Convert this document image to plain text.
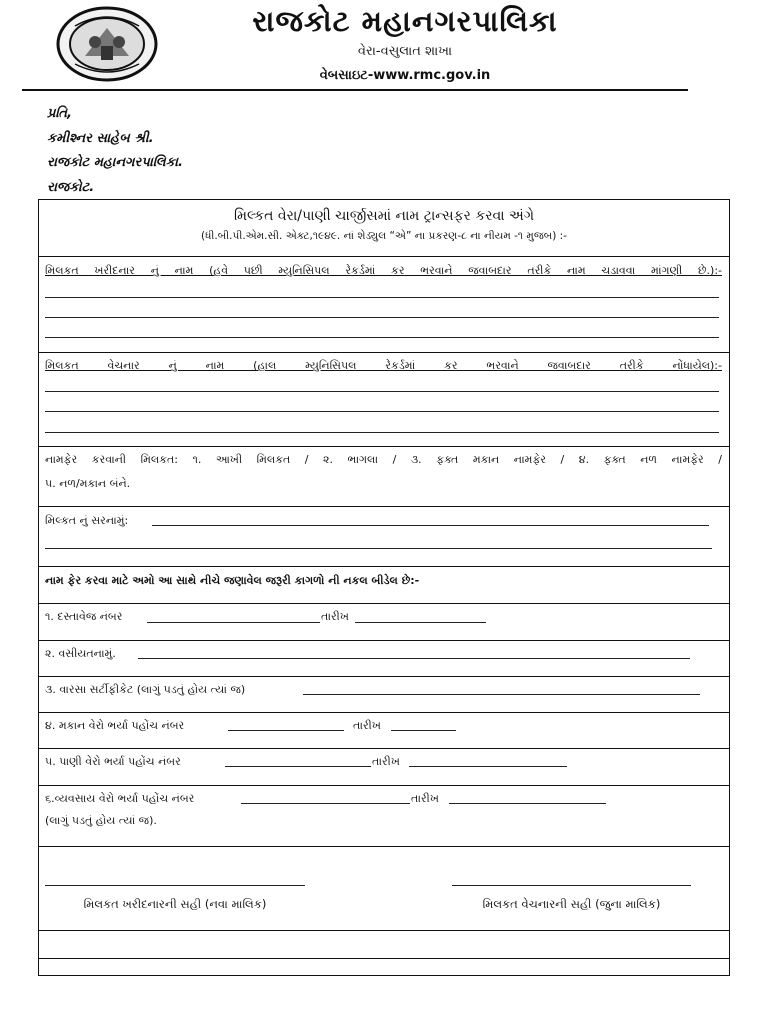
રાજકોટ મહાનગરપાલિકા
વેરા-વસુલાત શાખા
વેબસાઇટ-www.rmc.gov.in
પ્રતિ,
કમીશ્નર સાહેબ શ્રી.
રાજકોટ મહાનગરપાલિકા.
રાજકોટ.
મિલ્કત વેરા/પાણી ચાર્જીસમાં નામ ટ્રાન્સફર કરવા અંગે
(ધી.બી.પી.એમ.સી. એક્ટ,૧૯૪૯. નાં શેડ્યુલ “એ” ના પ્રકરણ-૮ ના નીયમ -૧ મુજબ) :-
મિલકત ખરીદનાર નું નામ (હવે પછી મ્યુનિસિપલ રેકર્ડમાં કર ભરવાને જવાબદાર તરીકે નામ ચડાવવા માંગણી છે.):-
મિલકત વેચનાર નું નામ (હાલ મ્યુનિસિપલ રેકર્ડમાં કર ભરવાને જવાબદાર તરીકે નોંધાયેલ):-
નામફેર કરવાની મિલકત: ૧. આખી મિલકત / ૨. ભાગલા / ૩. ફક્ત મકાન નામફેર / ૪. ફક્ત નળ નામફેર /
૫. નળ/મકાન બંને.
મિલ્કત નું સરનામું:
નામ ફેર કરવા માટે અમો આ સાથે નીચે જણાવેલ જરૂરી કાગળો ની નકલ બીડેલ છે:-
૧. દસ્તાવેજ નંબર	તારીખ
૨. વસીયતનામું.
૩. વારસા સર્ટીફીકેટ (લાગું પડતું હોય ત્યાં જ)
૪. મકાન વેરો ભર્યા પહોંચ નંબર	તારીખ
૫. પાણી વેરો ભર્યા પહોંચ નંબર	તારીખ
૬.વ્યવસાય વેરો ભર્યા પહોંચ નંબર	તારીખ
(લાગું પડતું હોય ત્યાં જ).
મિલકત ખરીદનારની સહી (નવા માલિક)	મિલકત વેચનારની સહી (જુના માલિક)
